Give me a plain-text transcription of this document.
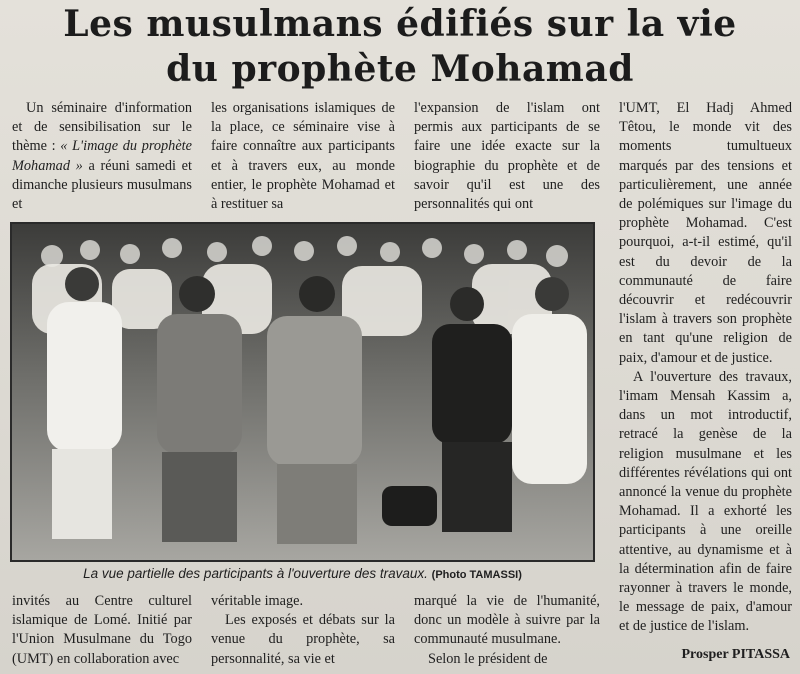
Les musulmans édifiés sur la vie
du prophète Mohamad

Un séminaire d'information et de sensibilisation sur le thème : « L'image du prophète Mohamad » a réuni samedi et dimanche plusieurs musulmans et

les organisations islamiques de la place, ce séminaire vise à faire connaître aux participants et à travers eux, au monde entier, le prophète Mohamad et à restituer sa

l'expansion de l'islam ont permis aux participants de se faire une idée exacte sur la biographie du prophète et de savoir qu'il est une des personnalités qui ont

l'UMT, El Hadj Ahmed Têtou, le monde vit des moments tumultueux marqués par des tensions et particulièrement, une année de polémiques sur l'image du prophète Mohamad. C'est pourquoi, a-t-il estimé, qu'il est du devoir de la communauté de faire découvrir et redécouvrir l'islam à travers son prophète en tant qu'une religion de paix, d'amour et de justice.

A l'ouverture des travaux, l'imam Mensah Kassim a, dans un mot introductif, retracé la genèse de la religion musulmane et les différentes révélations qui ont annoncé la venue du prophète Mohamad. Il a exhorté les participants à une oreille attentive, au dynamisme et à la détermination afin de faire rayonner à travers le monde, le message de paix, d'amour et de justice de l'islam.

La vue partielle des participants à l'ouverture des travaux. (Photo TAMASSI)

invités au Centre culturel islamique de Lomé. Initié par l'Union Musulmane du Togo (UMT) en collaboration avec

véritable image.

Les exposés et débats sur la venue du prophète, sa personnalité, sa vie et

marqué la vie de l'humanité, donc un modèle à suivre par la communauté musulmane.

Selon le président de	Prosper PITASSA
